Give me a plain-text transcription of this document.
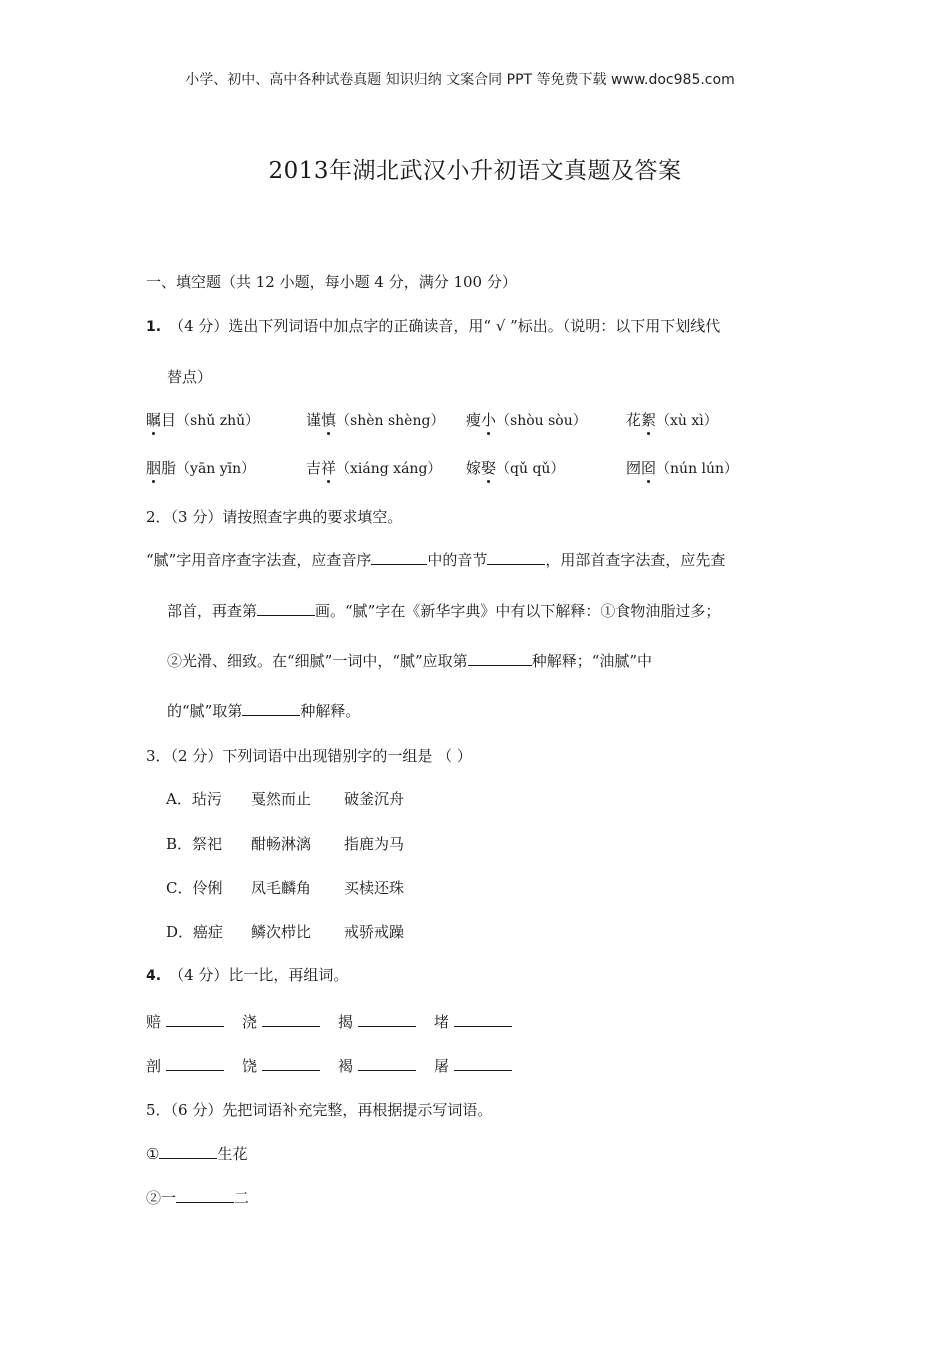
小学、初中、高中各种试卷真题 知识归纳 文案合同 PPT 等免费下载 www.doc985.com
2013年湖北武汉小升初语文真题及答案
一、填空题（共 12 小题，每小题 4 分，满分 100 分）
1. （4 分）选出下列词语中加点字的正确读音，用“ √ ”标出。（说明：以下用下划线代
替点）
瞩目（shǔ zhǔ）	谨慎（shèn shèng） 瘦小（shòu sòu）	花絮（xù xì）
胭脂（yān yīn）	吉祥（xiáng xáng） 嫁娶（qǔ qǔ）	囫囵（nún lún）
2．（3 分）请按照查字典的要求填空。
“腻”字用音序查字法查，应查音序	中的音节	，用部首查字法查，应先查
部首，再查第	画。“腻”字在《新华字典》中有以下解释：①食物油脂过多；
②光滑、细致。在“细腻”一词中，“腻”应取第	种解释；“油腻”中
的“腻”取第	种解释。
3．（2 分）下列词语中出现错别字的一组是 （ ）
A．玷污 戛然而止 破釜沉舟
B．祭祀 酣畅淋漓 指鹿为马
C．伶俐 凤毛麟角 买椟还珠
D．癌症 鳞次栉比 戒骄戒躁
4. （4 分）比一比，再组词。
赔	浇	揭	堵
剖	饶	褐	屠
5．（6 分）先把词语补充完整，再根据提示写词语。
①	生花
②一	二
